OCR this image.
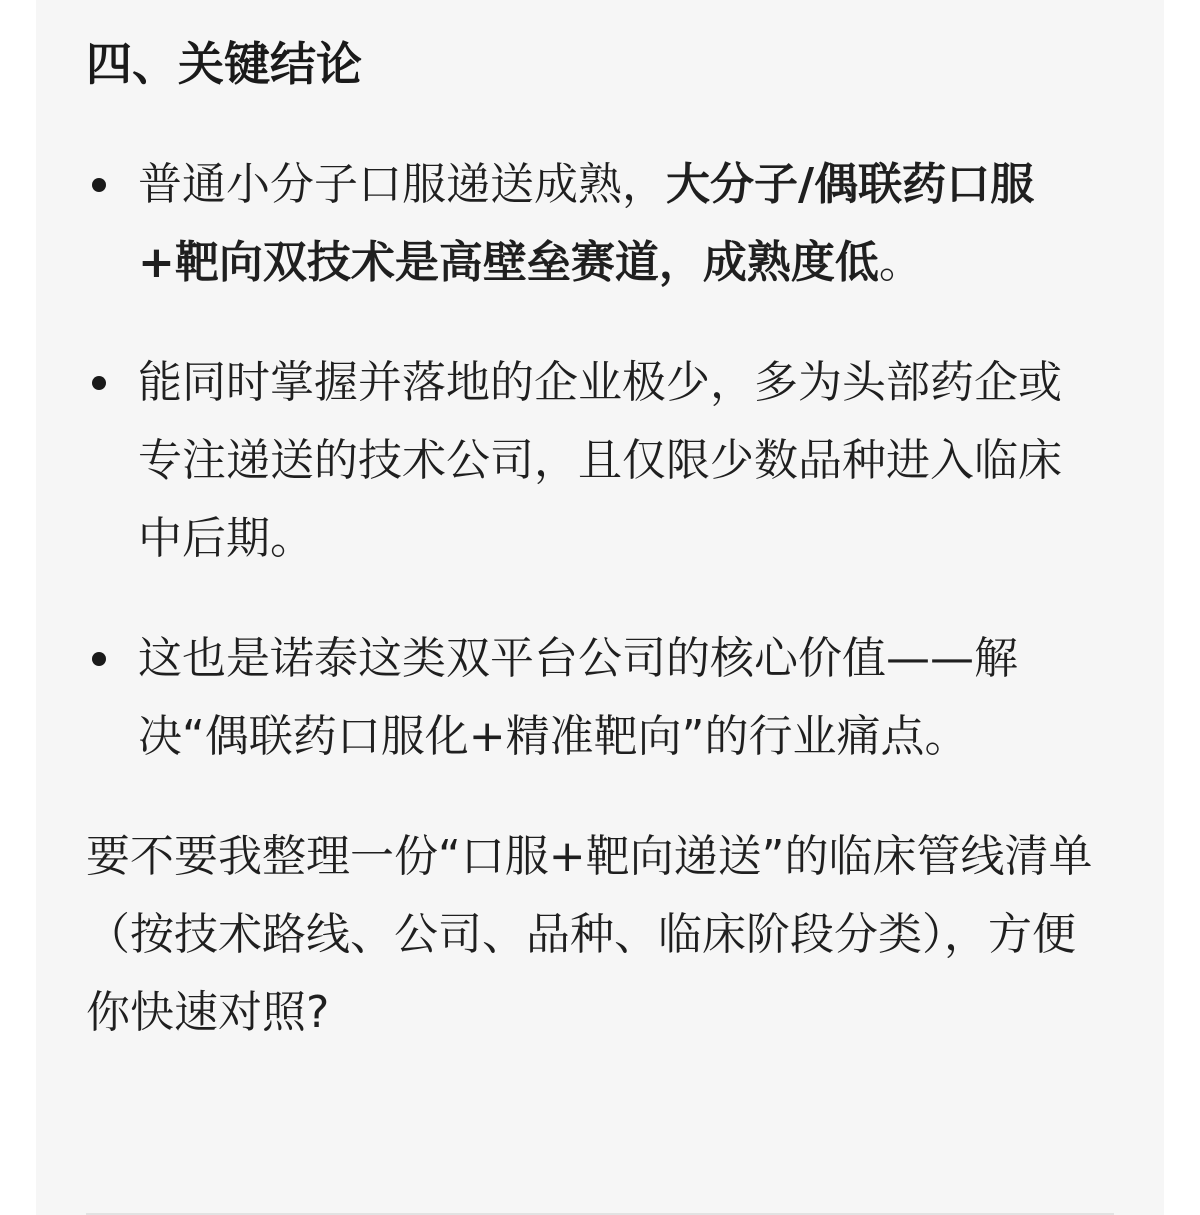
四、关键结论
普通小分子口服递送成熟，大分子/偶联药口服+靶向双技术是高壁垒赛道，成熟度低。
能同时掌握并落地的企业极少，多为头部药企或专注递送的技术公司，且仅限少数品种进入临床中后期。
这也是诺泰这类双平台公司的核心价值——解决“偶联药口服化+精准靶向”的行业痛点。

要不要我整理一份“口服+靶向递送”的临床管线清单（按技术路线、公司、品种、临床阶段分类），方便你快速对照?
